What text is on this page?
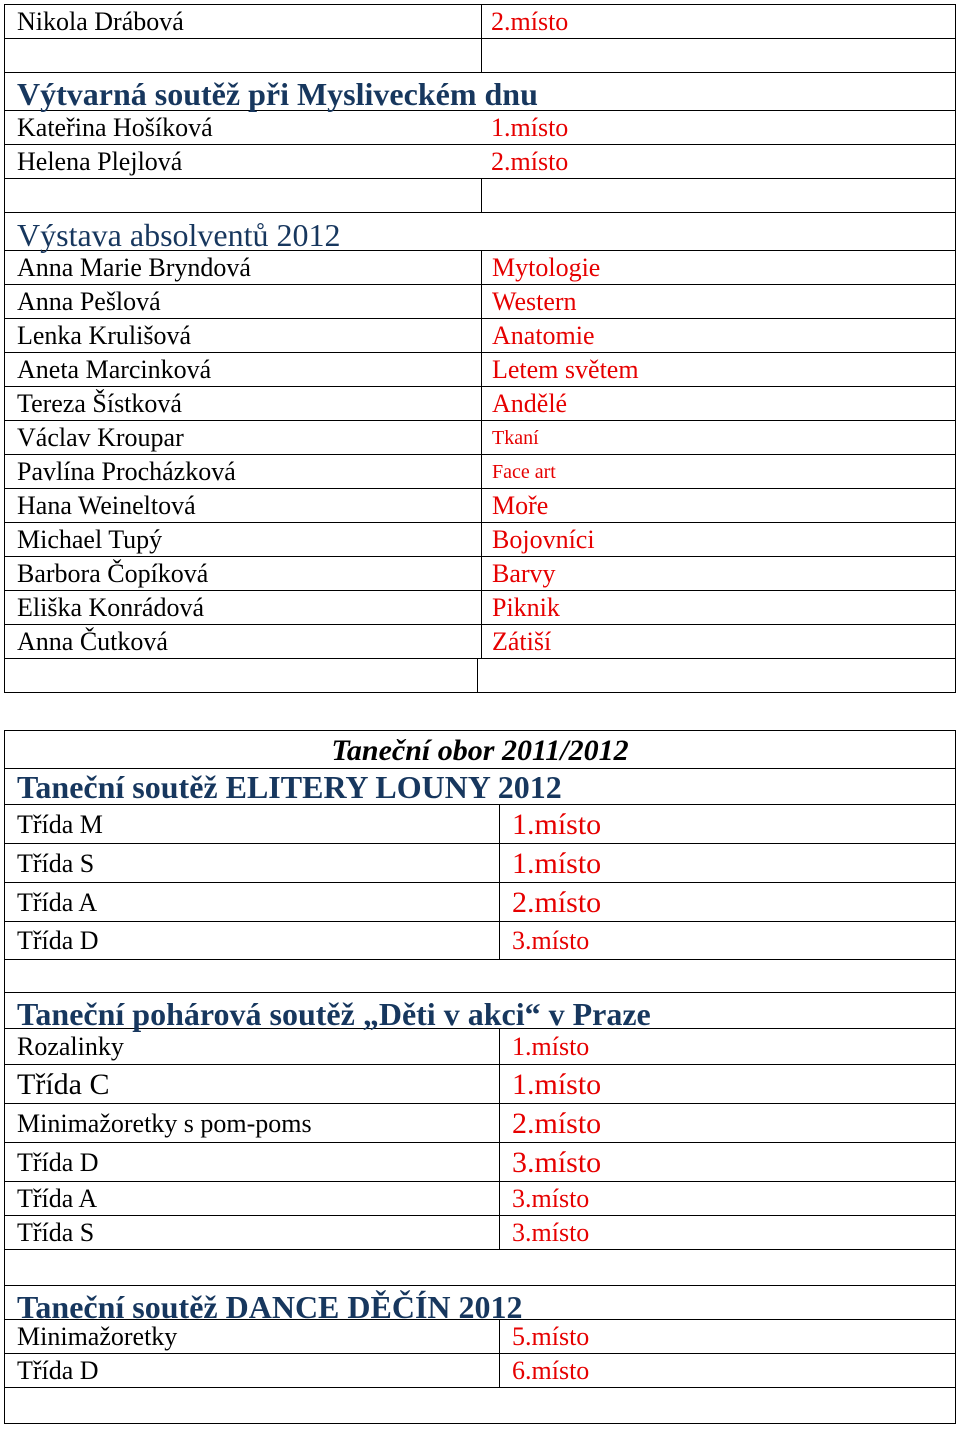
Nikola Drábová	2.místo
Výtvarná soutěž při Mysliveckém dnu
Kateřina Hošíková	1.místo
Helena Plejlová	2.místo
Výstava absolventů 2012
Anna Marie Bryndová	Mytologie
Anna Pešlová	Western
Lenka Krulišová	Anatomie
Aneta Marcinková	Letem světem
Tereza Šístková	Andělé
Václav Kroupar	Tkaní
Pavlína Procházková	Face art
Hana Weineltová	Moře
Michael Tupý	Bojovníci
Barbora Čopíková	Barvy
Eliška Konrádová	Piknik
Anna Čutková	Zátiší
Taneční obor 2011/2012
Taneční soutěž ELITERY LOUNY 2012
Třída M	1.místo
Třída S	1.místo
Třída A	2.místo
Třída D	3.místo
Taneční pohárová soutěž „Děti v akci“ v Praze
Rozalinky	1.místo
Třída C	1.místo
Minimažoretky s pom-poms	2.místo
Třída D	3.místo
Třída A	3.místo
Třída S	3.místo
Taneční soutěž DANCE DĚČÍN 2012
Minimažoretky	5.místo
Třída D	6.místo
